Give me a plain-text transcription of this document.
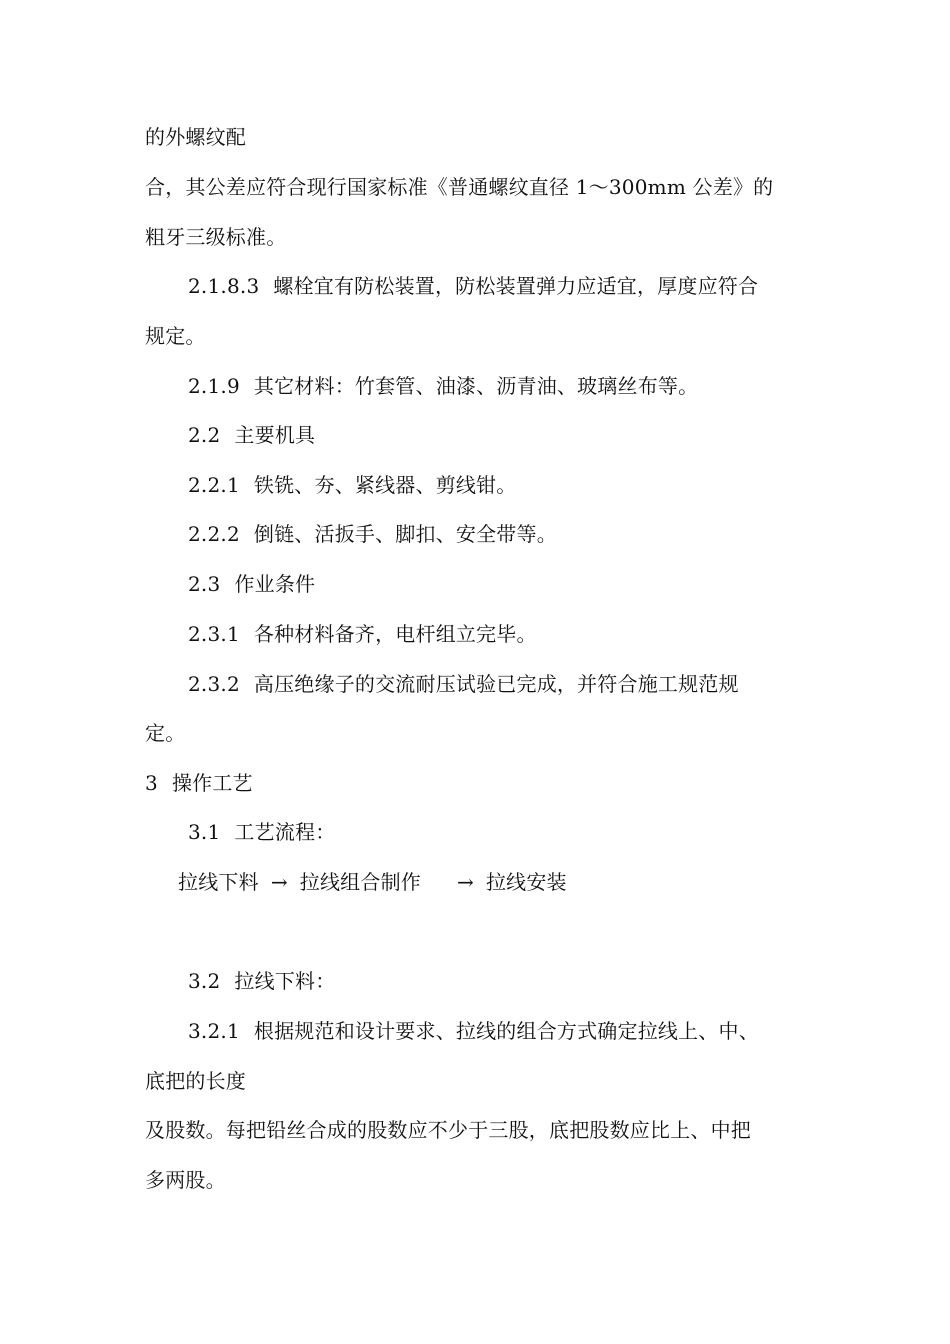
的外螺纹配
合，其公差应符合现行国家标准《普通螺纹直径 1～300mm 公差》的
粗牙三级标准。
2.1.8.3 螺栓宜有防松装置，防松装置弹力应适宜，厚度应符合
规定。
2.1.9 其它材料：竹套管、油漆、沥青油、玻璃丝布等。
2.2 主要机具
2.2.1 铁铣、夯、紧线器、剪线钳。
2.2.2 倒链、活扳手、脚扣、安全带等。
2.3 作业条件
2.3.1 各种材料备齐，电杆组立完毕。
2.3.2 高压绝缘子的交流耐压试验已完成，并符合施工规范规
定。
3 操作工艺
3.1 工艺流程：
拉线下料 → 拉线组合制作 → 拉线安装
3.2 拉线下料：
3.2.1 根据规范和设计要求、拉线的组合方式确定拉线上、中、
底把的长度
及股数。每把铅丝合成的股数应不少于三股，底把股数应比上、中把
多两股。
